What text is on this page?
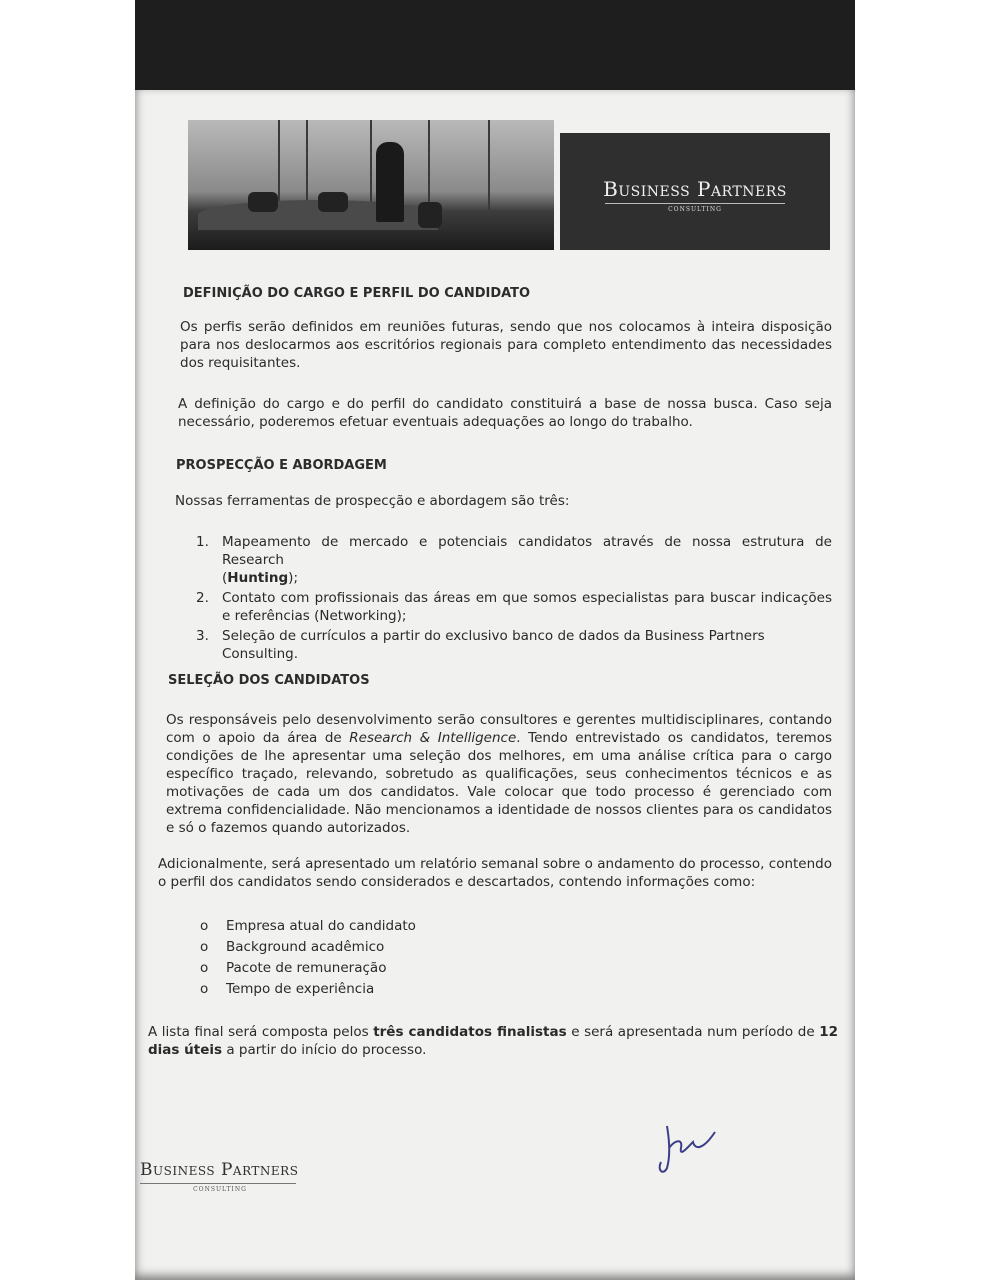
Business Partners
CONSULTING
DEFINIÇÃO DO CARGO E PERFIL DO CANDIDATO

Os perfis serão definidos em reuniões futuras, sendo que nos colocamos à inteira disposição para nos deslocarmos aos escritórios regionais para completo entendimento das necessidades dos requisitantes.

A definição do cargo e do perfil do candidato constituirá a base de nossa busca. Caso seja necessário, poderemos efetuar eventuais adequações ao longo do trabalho.

PROSPECÇÃO E ABORDAGEM

Nossas ferramentas de prospecção e abordagem são três:

1. Mapeamento de mercado e potenciais candidatos através de nossa estrutura de Research
(Hunting);
2. Contato com profissionais das áreas em que somos especialistas para buscar indicações e referências (Networking);
3. Seleção de currículos a partir do exclusivo banco de dados da Business Partners Consulting.
SELEÇÃO DOS CANDIDATOS

Os responsáveis pelo desenvolvimento serão consultores e gerentes multidisciplinares, contando com o apoio da área de Research & Intelligence. Tendo entrevistado os candidatos, teremos condições de lhe apresentar uma seleção dos melhores, em uma análise crítica para o cargo específico traçado, relevando, sobretudo as qualificações, seus conhecimentos técnicos e as motivações de cada um dos candidatos. Vale colocar que todo processo é gerenciado com extrema confidencialidade. Não mencionamos a identidade de nossos clientes para os candidatos e só o fazemos quando autorizados.

Adicionalmente, será apresentado um relatório semanal sobre o andamento do processo, contendo o perfil dos candidatos sendo considerados e descartados, contendo informações como:

o Empresa atual do candidato
o Background acadêmico
o Pacote de remuneração
o Tempo de experiência

A lista final será composta pelos três candidatos finalistas e será apresentada num período de 12 dias úteis a partir do início do processo.

Business Partners
CONSULTING
